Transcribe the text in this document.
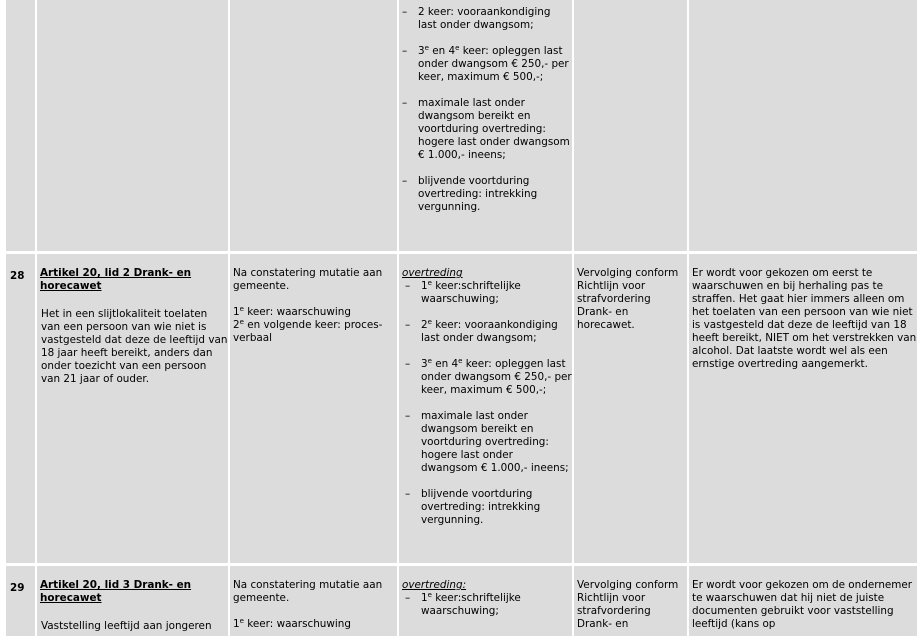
– 2 keer: vooraankondiging last onder dwangsom;
– 3e en 4e keer: opleggen last onder dwangsom € 250,- per keer, maximum € 500,-;
– maximale last onder dwangsom bereikt en voortduring overtreding: hogere last onder dwangsom € 1.000,- ineens;
– blijvende voortduring overtreding: intrekking vergunning.
28	Artikel 20, lid 2 Drank- en horecawet
Het in een slijtlokaliteit toelaten van een persoon van wie niet is vastgesteld dat deze de leeftijd van 18 jaar heeft bereikt, anders dan onder toezicht van een persoon van 21 jaar of ouder.
Na constatering mutatie aan gemeente.
1e keer: waarschuwing
2e en volgende keer: proces-verbaal
overtreding
– 1e keer:schriftelijke waarschuwing;
– 2e keer: vooraankondiging last onder dwangsom;
– 3e en 4e keer: opleggen last onder dwangsom € 250,- per keer, maximum € 500,-;
– maximale last onder dwangsom bereikt en voortduring overtreding: hogere last onder dwangsom € 1.000,- ineens;
– blijvende voortduring overtreding: intrekking vergunning.
Vervolging conform Richtlijn voor strafvordering Drank- en horecawet.
Er wordt voor gekozen om eerst te waarschuwen en bij herhaling pas te straffen. Het gaat hier immers alleen om het toelaten van een persoon van wie niet is vastgesteld dat deze de leeftijd van 18 heeft bereikt, NIET om het verstrekken van alcohol. Dat laatste wordt wel als een ernstige overtreding aangemerkt.
29	Artikel 20, lid 3 Drank- en horecawet
Vaststelling leeftijd aan jongeren
Na constatering mutatie aan gemeente.
1e keer: waarschuwing
overtreding:
– 1e keer:schriftelijke waarschuwing;
Vervolging conform Richtlijn voor strafvordering Drank- en
Er wordt voor gekozen om de ondernemer te waarschuwen dat hij niet de juiste documenten gebruikt voor vaststelling leeftijd (kans op
